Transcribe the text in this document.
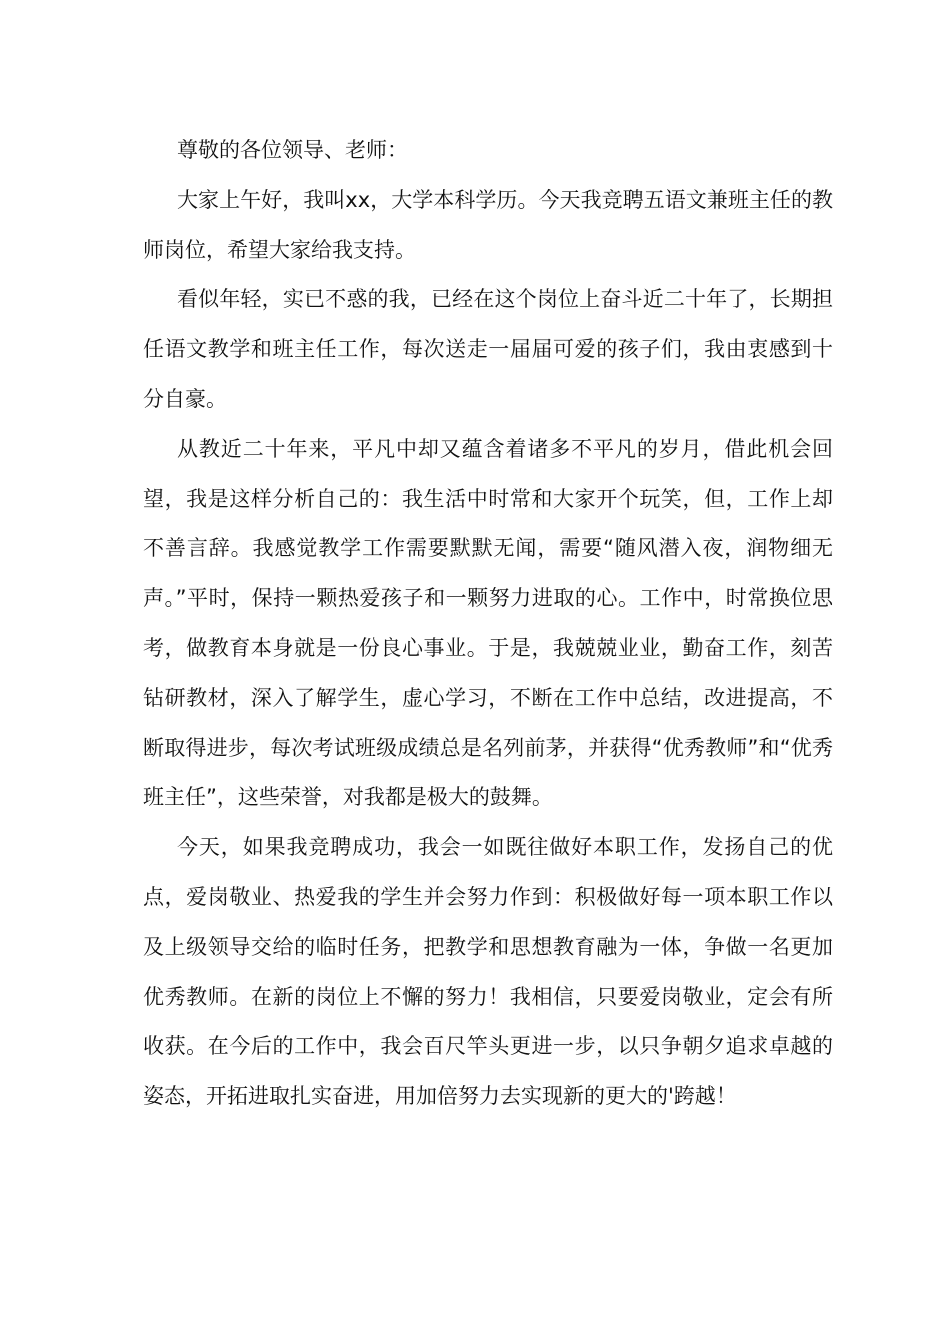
尊敬的各位领导、老师：

大家上午好，我叫xx，大学本科学历。今天我竞聘五语文兼班主任的教师岗位，希望大家给我支持。

看似年轻，实已不惑的我，已经在这个岗位上奋斗近二十年了，长期担任语文教学和班主任工作，每次送走一届届可爱的孩子们，我由衷感到十分自豪。

从教近二十年来，平凡中却又蕴含着诸多不平凡的岁月，借此机会回望，我是这样分析自己的：我生活中时常和大家开个玩笑，但，工作上却不善言辞。我感觉教学工作需要默默无闻，需要“随风潜入夜，润物细无声。”平时，保持一颗热爱孩子和一颗努力进取的心。工作中，时常换位思考，做教育本身就是一份良心事业。于是，我兢兢业业，勤奋工作，刻苦钻研教材，深入了解学生，虚心学习，不断在工作中总结，改进提高，不断取得进步，每次考试班级成绩总是名列前茅，并获得“优秀教师”和“优秀班主任”，这些荣誉，对我都是极大的鼓舞。

今天，如果我竞聘成功，我会一如既往做好本职工作，发扬自己的优点，爱岗敬业、热爱我的学生并会努力作到：积极做好每一项本职工作以及上级领导交给的临时任务，把教学和思想教育融为一体，争做一名更加优秀教师。在新的岗位上不懈的努力！我相信，只要爱岗敬业，定会有所收获。在今后的工作中，我会百尺竿头更进一步，以只争朝夕追求卓越的姿态，开拓进取扎实奋进，用加倍努力去实现新的更大的'跨越！
